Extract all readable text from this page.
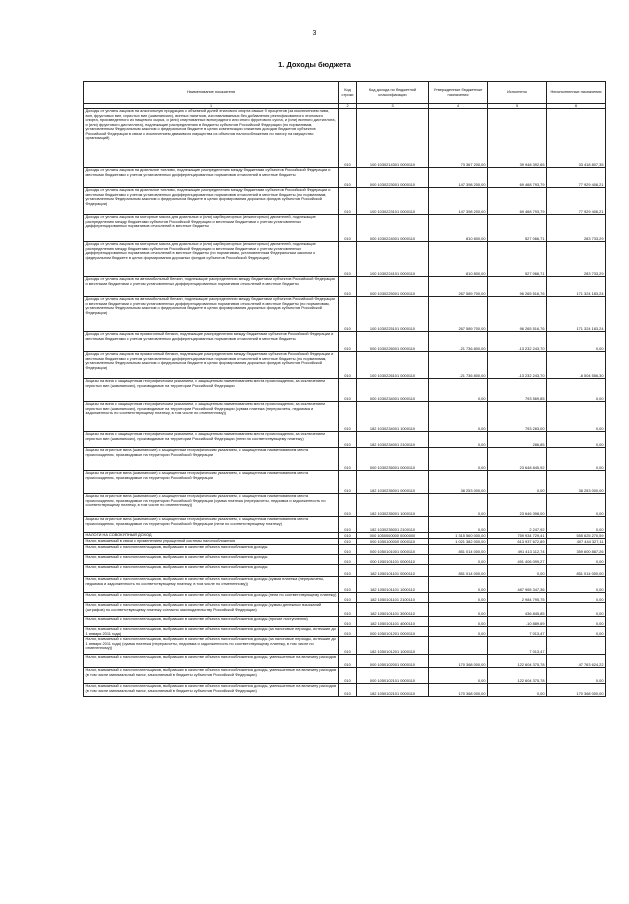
3
1. Доходы бюджета
Наименование показателя	Код строки	Код дохода по бюджетной классификации	Утвержденные бюджетные назначения	Исполнено	Неисполненные назначения
1	2	3	4	5	6
Доходы от уплаты акцизов на алкогольную продукцию с объемной долей этилового спирта свыше 9 процентов (за исключением пива, вин, фруктовых вин, игристых вин (шампанских), винных напитков, изготавливаемых без добавления ректификованного этилового спирта, произведенного из пищевого сырья, и (или) спиртованных виноградного или иного фруктового сусла, и (или) винного дистиллята, и (или) фруктового дистиллята), подлежащие распределению в бюджеты субъектов Российской Федерации (по нормативам, установленным Федеральным законом о федеральном бюджете в целях компенсации снижения доходов бюджетов субъектов Российской Федерации в связи с исключением движимого имущества из объектов налогообложения по налогу на имущество организаций)	010	100 1030214301 0000110	73 367 200,00	39 948 392,65	33 418 807,35
Доходы от уплаты акцизов на дизельное топливо, подлежащие распределению между бюджетами субъектов Российской Федерации и местными бюджетами с учетом установленных дифференцированных нормативов отчислений в местные бюджеты	010	000 1030223001 0000110	147 398 200,00	69 468 793,79	77 929 406,21
Доходы от уплаты акцизов на дизельное топливо, подлежащие распределению между бюджетами субъектов Российской Федерации и местными бюджетами с учетом установленных дифференцированных нормативов отчислений в местные бюджеты (по нормативам, установленным Федеральным законом о федеральном бюджете в целях формирования дорожных фондов субъектов Российской Федерации)	010	100 1030223101 0000110	147 398 200,00	69 468 793,79	77 929 406,21
Доходы от уплаты акцизов на моторные масла для дизельных и (или) карбюраторных (инжекторных) двигателей, подлежащие распределению между бюджетами субъектов Российской Федерации и местными бюджетами с учетом установленных дифференцированных нормативов отчислений в местные бюджеты	010	000 1030224001 0000110	810 800,00	527 066,71	283 733,29
Доходы от уплаты акцизов на моторные масла для дизельных и (или) карбюраторных (инжекторных) двигателей, подлежащие распределению между бюджетами субъектов Российской Федерации и местными бюджетами с учетом установленных дифференцированных нормативов отчислений в местные бюджеты (по нормативам, установленным Федеральным законом о федеральном бюджете в целях формирования дорожных фондов субъектов Российской Федерации)	010	100 1030224101 0000110	810 800,00	527 066,71	283 733,29
Доходы от уплаты акцизов на автомобильный бензин, подлежащие распределению между бюджетами субъектов Российской Федерации и местными бюджетами с учетом установленных дифференцированных нормативов отчислений в местные бюджеты	010	000 1030225001 0000110	267 589 700,00	96 265 516,76	171 324 183,24
Доходы от уплаты акцизов на автомобильный бензин, подлежащие распределению между бюджетами субъектов Российской Федерации и местными бюджетами с учетом установленных дифференцированных нормативов отчислений в местные бюджеты (по нормативам, установленным Федеральным законом о федеральном бюджете в целях формирования дорожных фондов субъектов Российской Федерации)	010	100 1030225101 0000110	267 589 700,00	96 265 516,76	171 324 183,24
Доходы от уплаты акцизов на прямогонный бензин, подлежащие распределению между бюджетами субъектов Российской Федерации и местными бюджетами с учетом установленных дифференцированных нормативов отчислений в местные бюджеты	010	000 1030226001 0000110	-21 736 800,00	-13 232 243,70	0,00
Доходы от уплаты акцизов на прямогонный бензин, подлежащие распределению между бюджетами субъектов Российской Федерации и местными бюджетами с учетом установленных дифференцированных нормативов отчислений в местные бюджеты (по нормативам, установленным Федеральным законом о федеральном бюджете в целях формирования дорожных фондов субъектов Российской Федерации)	010	100 1030226101 0000110	-21 736 800,00	-13 232 243,70	-8 504 556,30
Акцизы на вина с защищенным географическим указанием, с защищенным наименованием места происхождения, за исключением игристых вин (шампанских), производимые на территории Российской Федерации	010	000 1030234001 0000110	0,00	793 569,85	0,00
Акцизы на вина с защищенным географическим указанием, с защищенным наименованием места происхождения, за исключением игристых вин (шампанских), производимые на территории Российской Федерации (сумма платежа (перерасчеты, недоимка и задолженность по соответствующему платежу, в том числе по отмененному))	010	182 1030234001 1000110	0,00	793 283,00	0,00
Акцизы на вина с защищенным географическим указанием, с защищенным наименованием места происхождения, за исключением игристых вин (шампанских), производимые на территории Российской Федерации (пени по соответствующему платежу)	010	182 1030234001 2100110	0,00	286,85	0,00
Акцизы на игристые вина (шампанские) с защищенным географическим указанием, с защищенным наименованием места происхождения, производимые на территории Российской Федерации	010	000 1030235001 0000110	0,00	23 648 845,92	0,00
Акцизы на игристые вина (шампанские) с защищенным географическим указанием, с защищенным наименованием места происхождения, производимые на территории Российской Федерации	010	182 1030235001 0000110	38 253 000,00	0,00	38 253 000,00
Акцизы на игристые вина (шампанские) с защищенным географическим указанием, с защищенным наименованием места происхождения, производимые на территории Российской Федерации (сумма платежа (перерасчеты, недоимка и задолженность по соответствующему платежу, в том числе по отмененному))	010	182 1030235001 1000110	0,00	23 646 398,00	0,00
Акцизы на игристые вина (шампанские) с защищенным географическим указанием, с защищенным наименованием места происхождения, производимые на территории Российской Федерации (пени по соответствующему платежу)	010	182 1030235001 2100110	0,00	2 247,92	0,00
НАЛОГИ НА СОВОКУПНЫЙ ДОХОД	010	000 1050000000 0000000	1 315 560 000,00	759 934 729,41	555 625 270,59
Налог, взимаемый в связи с применением упрощенной системы налогообложения	010	000 1050100000 0000110	1 021 382 000,00	613 937 672,89	407 444 327,11
Налог, взимаемый с налогоплательщиков, выбравших в качестве объекта налогообложения доходы	010	000 1050101001 0000110	851 014 000,00	491 413 112,74	359 600 887,26
Налог, взимаемый с налогоплательщиков, выбравших в качестве объекта налогообложения доходы	010	000 1050101101 0000110	0,00	491 406 099,27	0,00
Налог, взимаемый с налогоплательщиков, выбравших в качестве объекта налогообложения доходы	010	182 1050101101 0000110	851 014 000,00	0,00	851 014 000,00
Налог, взимаемый с налогоплательщиков, выбравших в качестве объекта налогообложения доходы (сумма платежа (перерасчеты, недоимка и задолженность по соответствующему платежу, в том числе по отмененному))	010	182 1050101101 1000110	0,00	487 965 347,36	0,00
Налог, взимаемый с налогоплательщиков, выбравших в качестве объекта налогообложения доходы (пени по соответствующему платежу)	010	182 1050101101 2100110	0,00	2 984 795,75	0,00
Налог, взимаемый с налогоплательщиков, выбравших в качестве объекта налогообложения доходы (суммы денежных взысканий (штрафов) по соответствующему платежу согласно законодательству Российской Федерации)	010	182 1050101101 3000110	0,00	436 845,85	0,00
Налог, взимаемый с налогоплательщиков, выбравших в качестве объекта налогообложения доходы (прочие поступления)	010	182 1050101101 4000110	0,00	-10 889,69	0,00
Налог, взимаемый с налогоплательщиков, выбравших в качестве объекта налогообложения доходы (за налоговые периоды, истекшие до 1 января 2011 года)	010	000 1050101201 0000110	0,00	7 013,47	0,00
Налог, взимаемый с налогоплательщиков, выбравших в качестве объекта налогообложения доходы (за налоговые периоды, истекшие до 1 января 2011 года) (сумма платежа (перерасчеты, недоимка и задолженность по соответствующему платежу, в том числе по отмененному))	010	182 1050101201 1000110		7 013,47	
Налог, взимаемый с налогоплательщиков, выбравших в качестве объекта налогообложения доходы, уменьшенные на величину расходов	010	000 1050102001 0000110	170 368 000,00	122 604 375,78	47 763 624,22
Налог, взимаемый с налогоплательщиков, выбравших в качестве объекта налогообложения доходы, уменьшенные на величину расходов (в том числе минимальный налог, зачисляемый в бюджеты субъектов Российской Федерации)	010	000 1050102101 0000110	0,00	122 604 375,78	0,00
Налог, взимаемый с налогоплательщиков, выбравших в качестве объекта налогообложения доходы, уменьшенные на величину расходов (в том числе минимальный налог, зачисляемый в бюджеты субъектов Российской Федерации)	010	182 1050102101 0000110	170 368 000,00	0,00	170 368 000,00
